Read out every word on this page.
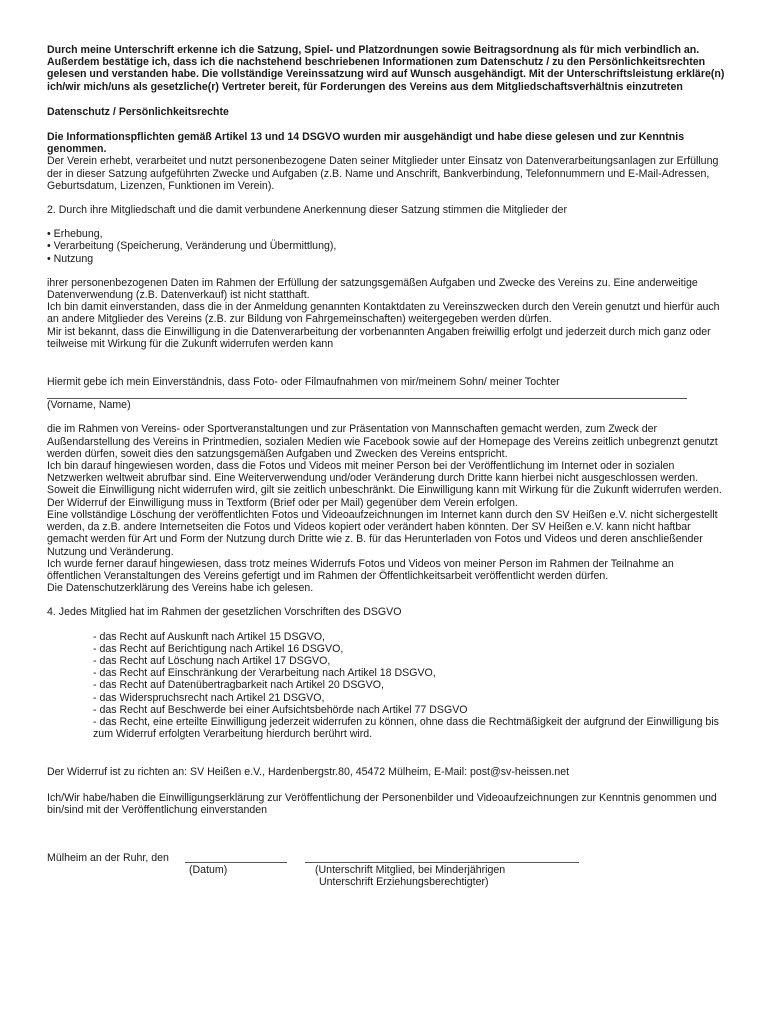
Durch meine Unterschrift erkenne ich die Satzung, Spiel- und Platzordnungen sowie Beitragsordnung als für mich verbindlich an. Außerdem bestätige ich, dass ich die nachstehend beschriebenen Informationen zum Datenschutz / zu den Persönlichkeitsrechten gelesen und verstanden habe. Die vollständige Vereinssatzung wird auf Wunsch ausgehändigt. Mit der Unterschriftsleistung erkläre(n) ich/wir mich/uns als gesetzliche(r) Vertreter bereit, für Forderungen des Vereins aus dem Mitgliedschaftsverhältnis einzutreten

Datenschutz / Persönlichkeitsrechte

Die Informationspflichten gemäß Artikel 13 und 14 DSGVO wurden mir ausgehändigt und habe diese gelesen und zur Kenntnis genommen.

Der Verein erhebt, verarbeitet und nutzt personenbezogene Daten seiner Mitglieder unter Einsatz von Datenverarbeitungsanlagen zur Erfüllung der in dieser Satzung aufgeführten Zwecke und Aufgaben (z.B. Name und Anschrift, Bankverbindung, Telefonnummern und E-Mail-Adressen, Geburtsdatum, Lizenzen, Funktionen im Verein).

2. Durch ihre Mitgliedschaft und die damit verbundene Anerkennung dieser Satzung stimmen die Mitglieder der

• Erhebung,

• Verarbeitung (Speicherung, Veränderung und Übermittlung),

• Nutzung

ihrer personenbezogenen Daten im Rahmen der Erfüllung der satzungsgemäßen Aufgaben und Zwecke des Vereins zu. Eine anderweitige Datenverwendung (z.B. Datenverkauf) ist nicht statthaft.

Ich bin damit einverstanden, dass die in der Anmeldung genannten Kontaktdaten zu Vereinszwecken durch den Verein genutzt und hierfür auch an andere Mitglieder des Vereins (z.B. zur Bildung von Fahrgemeinschaften) weitergegeben werden dürfen.

Mir ist bekannt, dass die Einwilligung in die Datenverarbeitung der vorbenannten Angaben freiwillig erfolgt und jederzeit durch mich ganz oder teilweise mit Wirkung für die Zukunft widerrufen werden kann

Hiermit gebe ich mein Einverständnis, dass Foto- oder Filmaufnahmen von mir/meinem Sohn/ meiner Tochter

(Vorname, Name)

die im Rahmen von Vereins- oder Sportveranstaltungen und zur Präsentation von Mannschaften gemacht werden, zum Zweck der Außendarstellung des Vereins in Printmedien, sozialen Medien wie Facebook sowie auf der Homepage des Vereins zeitlich unbegrenzt genutzt werden dürfen, soweit dies den satzungsgemäßen Aufgaben und Zwecken des Vereins entspricht.

Ich bin darauf hingewiesen worden, dass die Fotos und Videos mit meiner Person bei der Veröffentlichung im Internet oder in sozialen Netzwerken weltweit abrufbar sind. Eine Weiterverwendung und/oder Veränderung durch Dritte kann hierbei nicht ausgeschlossen werden. Soweit die Einwilligung nicht widerrufen wird, gilt sie zeitlich unbeschränkt. Die Einwilligung kann mit Wirkung für die Zukunft widerrufen werden. Der Widerruf der Einwilligung muss in Textform (Brief oder per Mail) gegenüber dem Verein erfolgen.

Eine vollständige Löschung der veröffentlichten Fotos und Videoaufzeichnungen im Internet kann durch den SV Heißen e.V. nicht sichergestellt werden, da z.B. andere Internetseiten die Fotos und Videos kopiert oder verändert haben könnten. Der SV Heißen e.V. kann nicht haftbar gemacht werden für Art und Form der Nutzung durch Dritte wie z. B. für das Herunterladen von Fotos und Videos und deren anschließender Nutzung und Veränderung.

Ich wurde ferner darauf hingewiesen, dass trotz meines Widerrufs Fotos und Videos von meiner Person im Rahmen der Teilnahme an öffentlichen Veranstaltungen des Vereins gefertigt und im Rahmen der Öffentlichkeitsarbeit veröffentlicht werden dürfen.

Die Datenschutzerklärung des Vereins habe ich gelesen.

4. Jedes Mitglied hat im Rahmen der gesetzlichen Vorschriften des DSGVO

- das Recht auf Auskunft nach Artikel 15 DSGVO,

- das Recht auf Berichtigung nach Artikel 16 DSGVO,

- das Recht auf Löschung nach Artikel 17 DSGVO,

- das Recht auf Einschränkung der Verarbeitung nach Artikel 18 DSGVO,

- das Recht auf Datenübertragbarkeit nach Artikel 20 DSGVO,

- das Widerspruchsrecht nach Artikel 21 DSGVO,

- das Recht auf Beschwerde bei einer Aufsichtsbehörde nach Artikel 77 DSGVO

- das Recht, eine erteilte Einwilligung jederzeit widerrufen zu können, ohne dass die Rechtmäßigkeit der aufgrund der Einwilligung bis zum Widerruf erfolgten Verarbeitung hierdurch berührt wird.

Der Widerruf ist zu richten an: SV Heißen e.V., Hardenbergstr.80, 45472 Mülheim, E-Mail: post@sv-heissen.net

Ich/Wir habe/haben die Einwilligungserklärung zur Veröffentlichung der Personenbilder und Videoaufzeichnungen zur Kenntnis genommen und bin/sind mit der Veröffentlichung einverstanden

Mülheim an der Ruhr, den
(Datum)	(Unterschrift Mitglied, bei Minderjährigen

Unterschrift Erziehungsberechtigter)
